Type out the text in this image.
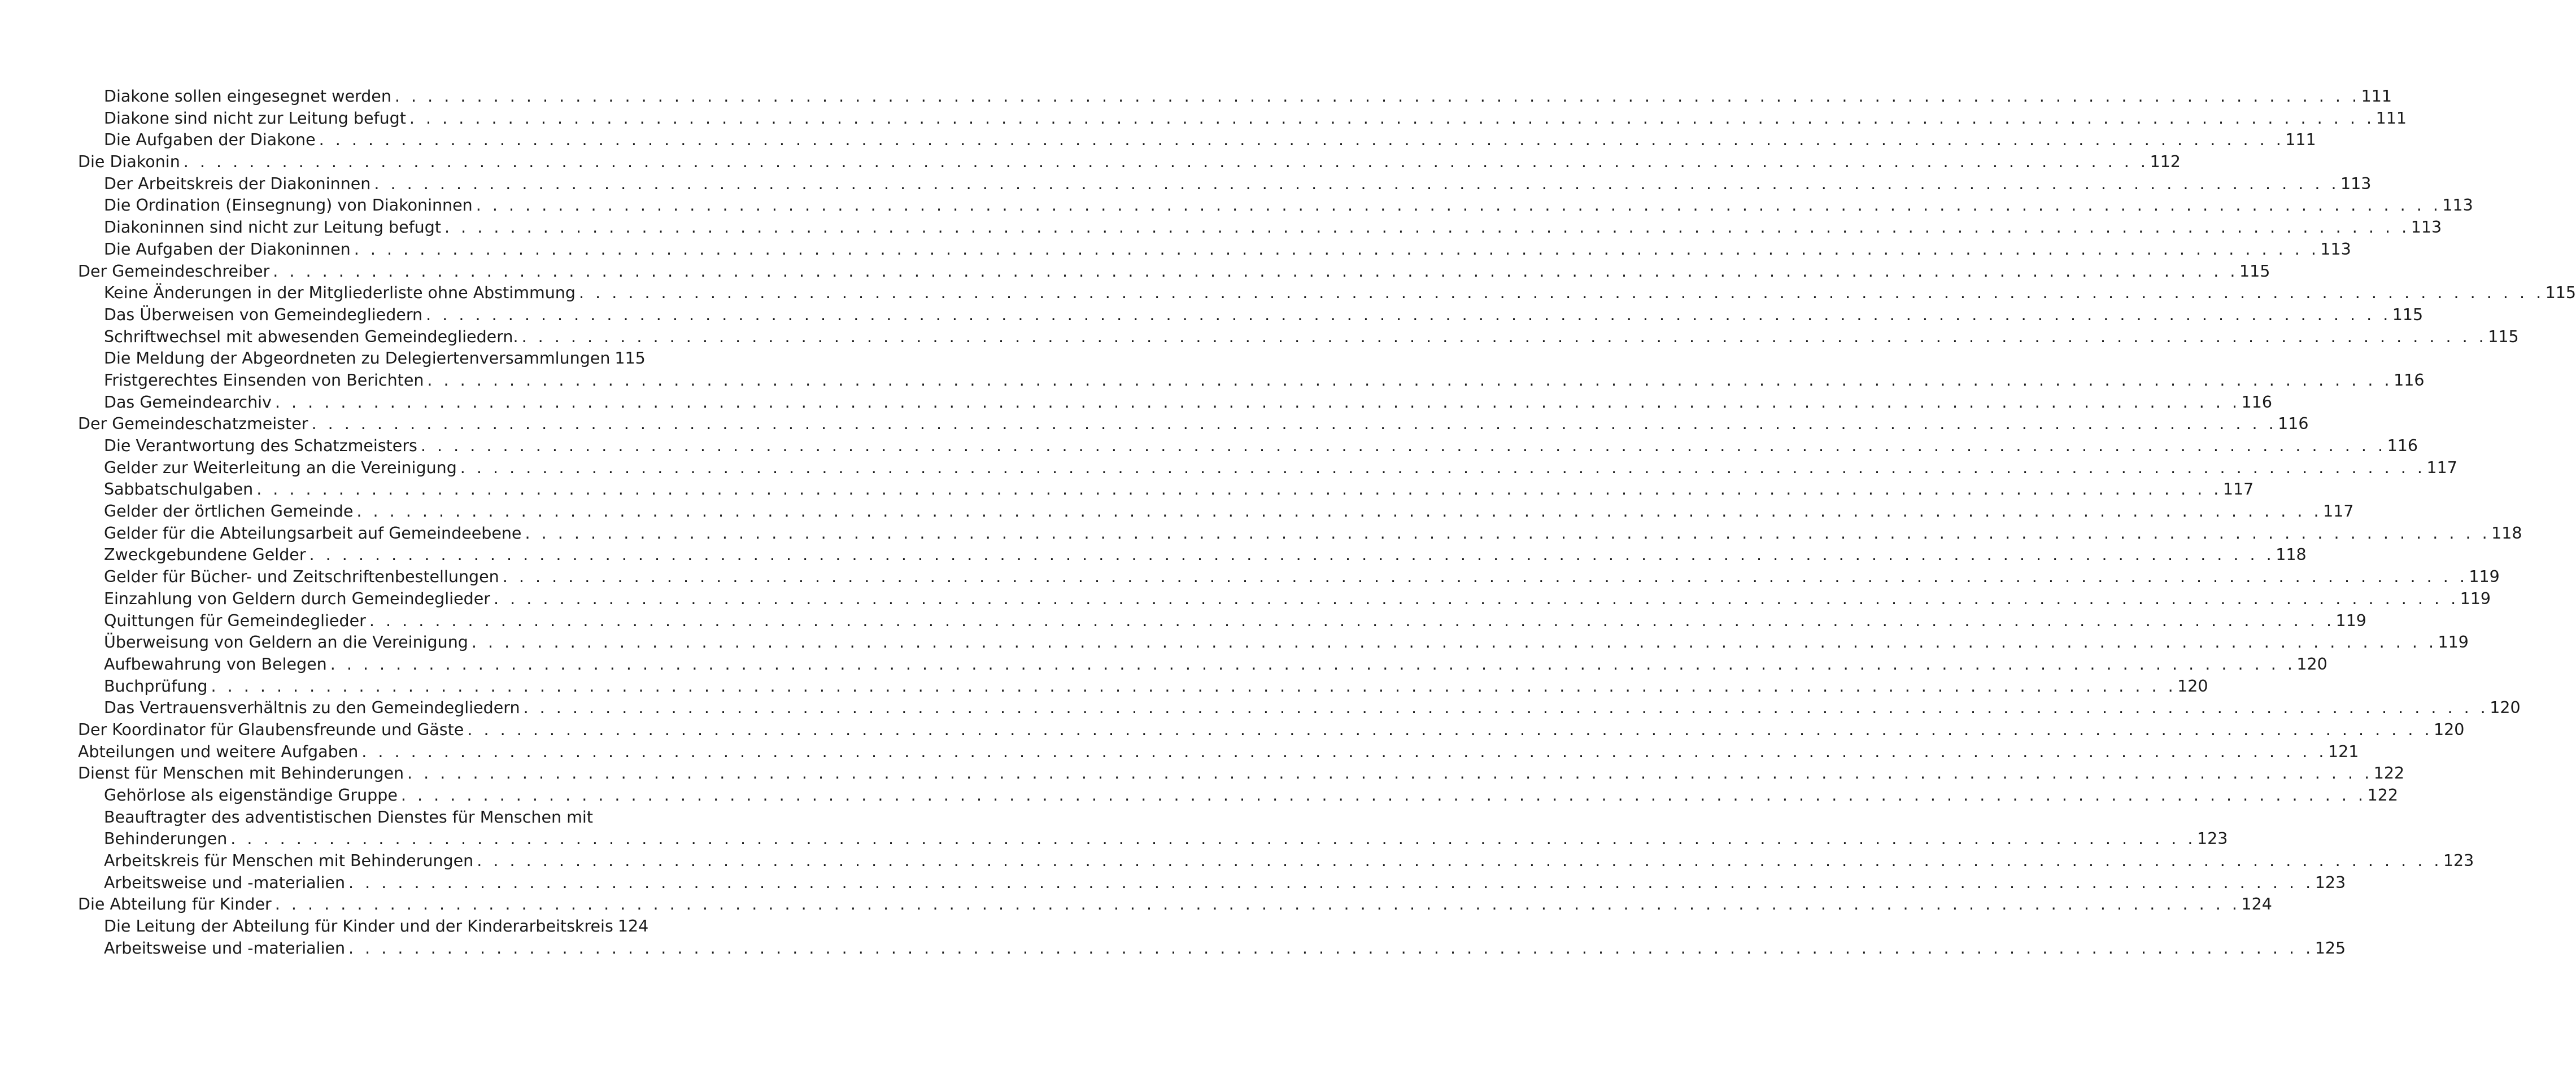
Diakone sollen eingesegnet werden . . . . . . . . . . . . . . . . . . . . . . . . . . . . . . . . . . . . . . . . . . . . . . . . . . . . . . . . . . . . . . . . . . . . . . . . . . . . . . . . . . . . . . . . . . . . . . . . . . . . . . . . . . . . . . . . . . . . . . . . 111
Diakone sind nicht zur Leitung befugt . . . . . . . . . . . . . . . . . . . . . . . . . . . . . . . . . . . . . . . . . . . . . . . . . . . . . . . . . . . . . . . . . . . . . . . . . . . . . . . . . . . . . . . . . . . . . . . . . . . . . . . . . . . . . . . . . . . . . . . . 111
Die Aufgaben der Diakone . . . . . . . . . . . . . . . . . . . . . . . . . . . . . . . . . . . . . . . . . . . . . . . . . . . . . . . . . . . . . . . . . . . . . . . . . . . . . . . . . . . . . . . . . . . . . . . . . . . . . . . . . . . . . . . . . . . . . . . . 111
Die Diakonin . . . . . . . . . . . . . . . . . . . . . . . . . . . . . . . . . . . . . . . . . . . . . . . . . . . . . . . . . . . . . . . . . . . . . . . . . . . . . . . . . . . . . . . . . . . . . . . . . . . . . . . . . . . . . . . . . . . . . . . . 112
Der Arbeitskreis der Diakoninnen . . . . . . . . . . . . . . . . . . . . . . . . . . . . . . . . . . . . . . . . . . . . . . . . . . . . . . . . . . . . . . . . . . . . . . . . . . . . . . . . . . . . . . . . . . . . . . . . . . . . . . . . . . . . . . . . . . . . . . . . 113
Die Ordination (Einsegnung) von Diakoninnen . . . . . . . . . . . . . . . . . . . . . . . . . . . . . . . . . . . . . . . . . . . . . . . . . . . . . . . . . . . . . . . . . . . . . . . . . . . . . . . . . . . . . . . . . . . . . . . . . . . . . . . . . . . . . . . . . . . . . . . . 113
Diakoninnen sind nicht zur Leitung befugt . . . . . . . . . . . . . . . . . . . . . . . . . . . . . . . . . . . . . . . . . . . . . . . . . . . . . . . . . . . . . . . . . . . . . . . . . . . . . . . . . . . . . . . . . . . . . . . . . . . . . . . . . . . . . . . . . . . . . . . . 113
Die Aufgaben der Diakoninnen . . . . . . . . . . . . . . . . . . . . . . . . . . . . . . . . . . . . . . . . . . . . . . . . . . . . . . . . . . . . . . . . . . . . . . . . . . . . . . . . . . . . . . . . . . . . . . . . . . . . . . . . . . . . . . . . . . . . . . . . 113
Der Gemeindeschreiber . . . . . . . . . . . . . . . . . . . . . . . . . . . . . . . . . . . . . . . . . . . . . . . . . . . . . . . . . . . . . . . . . . . . . . . . . . . . . . . . . . . . . . . . . . . . . . . . . . . . . . . . . . . . . . . . . . . . . . . . 115
Keine Änderungen in der Mitgliederliste ohne Abstimmung . . . . . . . . . . . . . . . . . . . . . . . . . . . . . . . . . . . . . . . . . . . . . . . . . . . . . . . . . . . . . . . . . . . . . . . . . . . . . . . . . . . . . . . . . . . . . . . . . . . . . . . . . . . . . . . . . . . . . . . . 115
Das Überweisen von Gemeindegliedern . . . . . . . . . . . . . . . . . . . . . . . . . . . . . . . . . . . . . . . . . . . . . . . . . . . . . . . . . . . . . . . . . . . . . . . . . . . . . . . . . . . . . . . . . . . . . . . . . . . . . . . . . . . . . . . . . . . . . . . . 115
Schriftwechsel mit abwesenden Gemeindegliedern. . . . . . . . . . . . . . . . . . . . . . . . . . . . . . . . . . . . . . . . . . . . . . . . . . . . . . . . . . . . . . . . . . . . . . . . . . . . . . . . . . . . . . . . . . . . . . . . . . . . . . . . . . . . . . . . . . . . . . . . . 115
Die Meldung der Abgeordneten zu Delegiertenversammlungen 115
Fristgerechtes Einsenden von Berichten . . . . . . . . . . . . . . . . . . . . . . . . . . . . . . . . . . . . . . . . . . . . . . . . . . . . . . . . . . . . . . . . . . . . . . . . . . . . . . . . . . . . . . . . . . . . . . . . . . . . . . . . . . . . . . . . . . . . . . . . 116
Das Gemeindearchiv . . . . . . . . . . . . . . . . . . . . . . . . . . . . . . . . . . . . . . . . . . . . . . . . . . . . . . . . . . . . . . . . . . . . . . . . . . . . . . . . . . . . . . . . . . . . . . . . . . . . . . . . . . . . . . . . . . . . . . . . 116
Der Gemeindeschatzmeister . . . . . . . . . . . . . . . . . . . . . . . . . . . . . . . . . . . . . . . . . . . . . . . . . . . . . . . . . . . . . . . . . . . . . . . . . . . . . . . . . . . . . . . . . . . . . . . . . . . . . . . . . . . . . . . . . . . . . . . . 116
Die Verantwortung des Schatzmeisters . . . . . . . . . . . . . . . . . . . . . . . . . . . . . . . . . . . . . . . . . . . . . . . . . . . . . . . . . . . . . . . . . . . . . . . . . . . . . . . . . . . . . . . . . . . . . . . . . . . . . . . . . . . . . . . . . . . . . . . . 116
Gelder zur Weiterleitung an die Vereinigung . . . . . . . . . . . . . . . . . . . . . . . . . . . . . . . . . . . . . . . . . . . . . . . . . . . . . . . . . . . . . . . . . . . . . . . . . . . . . . . . . . . . . . . . . . . . . . . . . . . . . . . . . . . . . . . . . . . . . . . . 117
Sabbatschulgaben . . . . . . . . . . . . . . . . . . . . . . . . . . . . . . . . . . . . . . . . . . . . . . . . . . . . . . . . . . . . . . . . . . . . . . . . . . . . . . . . . . . . . . . . . . . . . . . . . . . . . . . . . . . . . . . . . . . . . . . . 117
Gelder der örtlichen Gemeinde . . . . . . . . . . . . . . . . . . . . . . . . . . . . . . . . . . . . . . . . . . . . . . . . . . . . . . . . . . . . . . . . . . . . . . . . . . . . . . . . . . . . . . . . . . . . . . . . . . . . . . . . . . . . . . . . . . . . . . . . 117
Gelder für die Abteilungsarbeit auf Gemeindeebene . . . . . . . . . . . . . . . . . . . . . . . . . . . . . . . . . . . . . . . . . . . . . . . . . . . . . . . . . . . . . . . . . . . . . . . . . . . . . . . . . . . . . . . . . . . . . . . . . . . . . . . . . . . . . . . . . . . . . . . . 118
Zweckgebundene Gelder . . . . . . . . . . . . . . . . . . . . . . . . . . . . . . . . . . . . . . . . . . . . . . . . . . . . . . . . . . . . . . . . . . . . . . . . . . . . . . . . . . . . . . . . . . . . . . . . . . . . . . . . . . . . . . . . . . . . . . . . 118
Gelder für Bücher- und Zeitschriftenbestellungen . . . . . . . . . . . . . . . . . . . . . . . . . . . . . . . . . . . . . . . . . . . . . . . . . . . . . . . . . . . . . . . . . . . . . . . . . . . . . . . . . . . . . . . . . . . . . . . . . . . . . . . . . . . . . . . . . . . . . . . . 119
Einzahlung von Geldern durch Gemeindeglieder . . . . . . . . . . . . . . . . . . . . . . . . . . . . . . . . . . . . . . . . . . . . . . . . . . . . . . . . . . . . . . . . . . . . . . . . . . . . . . . . . . . . . . . . . . . . . . . . . . . . . . . . . . . . . . . . . . . . . . . . 119
Quittungen für Gemeindeglieder . . . . . . . . . . . . . . . . . . . . . . . . . . . . . . . . . . . . . . . . . . . . . . . . . . . . . . . . . . . . . . . . . . . . . . . . . . . . . . . . . . . . . . . . . . . . . . . . . . . . . . . . . . . . . . . . . . . . . . . . 119
Überweisung von Geldern an die Vereinigung . . . . . . . . . . . . . . . . . . . . . . . . . . . . . . . . . . . . . . . . . . . . . . . . . . . . . . . . . . . . . . . . . . . . . . . . . . . . . . . . . . . . . . . . . . . . . . . . . . . . . . . . . . . . . . . . . . . . . . . . 119
Aufbewahrung von Belegen . . . . . . . . . . . . . . . . . . . . . . . . . . . . . . . . . . . . . . . . . . . . . . . . . . . . . . . . . . . . . . . . . . . . . . . . . . . . . . . . . . . . . . . . . . . . . . . . . . . . . . . . . . . . . . . . . . . . . . . . 120
Buchprüfung . . . . . . . . . . . . . . . . . . . . . . . . . . . . . . . . . . . . . . . . . . . . . . . . . . . . . . . . . . . . . . . . . . . . . . . . . . . . . . . . . . . . . . . . . . . . . . . . . . . . . . . . . . . . . . . . . . . . . . . . 120
Das Vertrauensverhältnis zu den Gemeindegliedern . . . . . . . . . . . . . . . . . . . . . . . . . . . . . . . . . . . . . . . . . . . . . . . . . . . . . . . . . . . . . . . . . . . . . . . . . . . . . . . . . . . . . . . . . . . . . . . . . . . . . . . . . . . . . . . . . . . . . . . . 120
Der Koordinator für Glaubensfreunde und Gäste . . . . . . . . . . . . . . . . . . . . . . . . . . . . . . . . . . . . . . . . . . . . . . . . . . . . . . . . . . . . . . . . . . . . . . . . . . . . . . . . . . . . . . . . . . . . . . . . . . . . . . . . . . . . . . . . . . . . . . . . 120
Abteilungen und weitere Aufgaben . . . . . . . . . . . . . . . . . . . . . . . . . . . . . . . . . . . . . . . . . . . . . . . . . . . . . . . . . . . . . . . . . . . . . . . . . . . . . . . . . . . . . . . . . . . . . . . . . . . . . . . . . . . . . . . . . . . . . . . . 121
Dienst für Menschen mit Behinderungen . . . . . . . . . . . . . . . . . . . . . . . . . . . . . . . . . . . . . . . . . . . . . . . . . . . . . . . . . . . . . . . . . . . . . . . . . . . . . . . . . . . . . . . . . . . . . . . . . . . . . . . . . . . . . . . . . . . . . . . . 122
Gehörlose als eigenständige Gruppe . . . . . . . . . . . . . . . . . . . . . . . . . . . . . . . . . . . . . . . . . . . . . . . . . . . . . . . . . . . . . . . . . . . . . . . . . . . . . . . . . . . . . . . . . . . . . . . . . . . . . . . . . . . . . . . . . . . . . . . . 122
Beauftragter des adventistischen Dienstes für Menschen mit
Behinderungen . . . . . . . . . . . . . . . . . . . . . . . . . . . . . . . . . . . . . . . . . . . . . . . . . . . . . . . . . . . . . . . . . . . . . . . . . . . . . . . . . . . . . . . . . . . . . . . . . . . . . . . . . . . . . . . . . . . . . . . . 123
Arbeitskreis für Menschen mit Behinderungen . . . . . . . . . . . . . . . . . . . . . . . . . . . . . . . . . . . . . . . . . . . . . . . . . . . . . . . . . . . . . . . . . . . . . . . . . . . . . . . . . . . . . . . . . . . . . . . . . . . . . . . . . . . . . . . . . . . . . . . . 123
Arbeitsweise und -materialien . . . . . . . . . . . . . . . . . . . . . . . . . . . . . . . . . . . . . . . . . . . . . . . . . . . . . . . . . . . . . . . . . . . . . . . . . . . . . . . . . . . . . . . . . . . . . . . . . . . . . . . . . . . . . . . . . . . . . . . . 123
Die Abteilung für Kinder . . . . . . . . . . . . . . . . . . . . . . . . . . . . . . . . . . . . . . . . . . . . . . . . . . . . . . . . . . . . . . . . . . . . . . . . . . . . . . . . . . . . . . . . . . . . . . . . . . . . . . . . . . . . . . . . . . . . . . . . 124
Die Leitung der Abteilung für Kinder und der Kinderarbeitskreis 124
Arbeitsweise und -materialien . . . . . . . . . . . . . . . . . . . . . . . . . . . . . . . . . . . . . . . . . . . . . . . . . . . . . . . . . . . . . . . . . . . . . . . . . . . . . . . . . . . . . . . . . . . . . . . . . . . . . . . . . . . . . . . . . . . . . . . . 125
